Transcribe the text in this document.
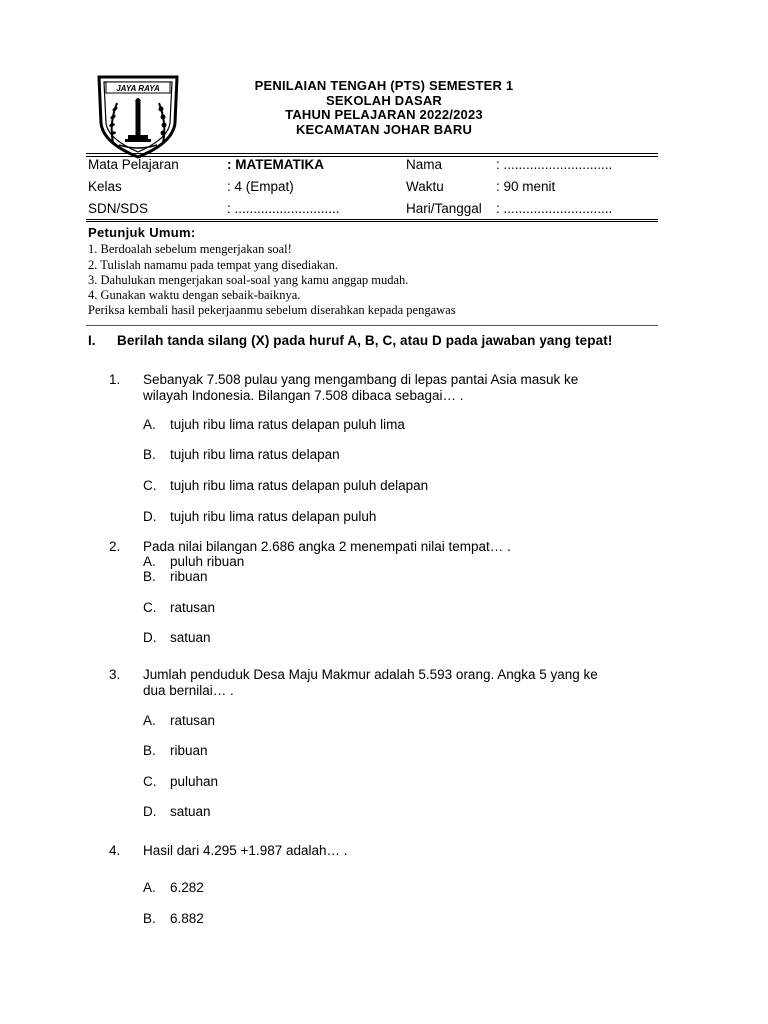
JAYA RAYA	PENILAIAN TENGAH (PTS) SEMESTER 1
SEKOLAH DASAR
TAHUN PELAJARAN 2022/2023
KECAMATAN JOHAR BARU
Mata Pelajaran	: MATEMATIKA	Nama	: .............................
Kelas	: 4 (Empat)	Waktu	: 90 menit
SDN/SDS	: ............................	Hari/Tanggal : .............................
Petunjuk Umum:
1. Berdoalah sebelum mengerjakan soal!
2. Tulislah namamu pada tempat yang disediakan.
3. Dahulukan mengerjakan soal-soal yang kamu anggap mudah.
4. Gunakan waktu dengan sebaik-baiknya.
Periksa kembali hasil pekerjaanmu sebelum diserahkan kepada pengawas
I. Berilah tanda silang (X) pada huruf A, B, C, atau D pada jawaban yang tepat!
1. Sebanyak 7.508 pulau yang mengambang di lepas pantai Asia masuk ke
wilayah Indonesia. Bilangan 7.508 dibaca sebagai… .
A. tujuh ribu lima ratus delapan puluh lima
B. tujuh ribu lima ratus delapan
C. tujuh ribu lima ratus delapan puluh delapan
D. tujuh ribu lima ratus delapan puluh
2. Pada nilai bilangan 2.686 angka 2 menempati nilai tempat… .
A. puluh ribuan
B. ribuan
C. ratusan
D. satuan
3. Jumlah penduduk Desa Maju Makmur adalah 5.593 orang. Angka 5 yang ke
dua bernilai… .
A. ratusan
B. ribuan
C. puluhan
D. satuan
4. Hasil dari 4.295 +1.987 adalah… .
A. 6.282
B. 6.882
